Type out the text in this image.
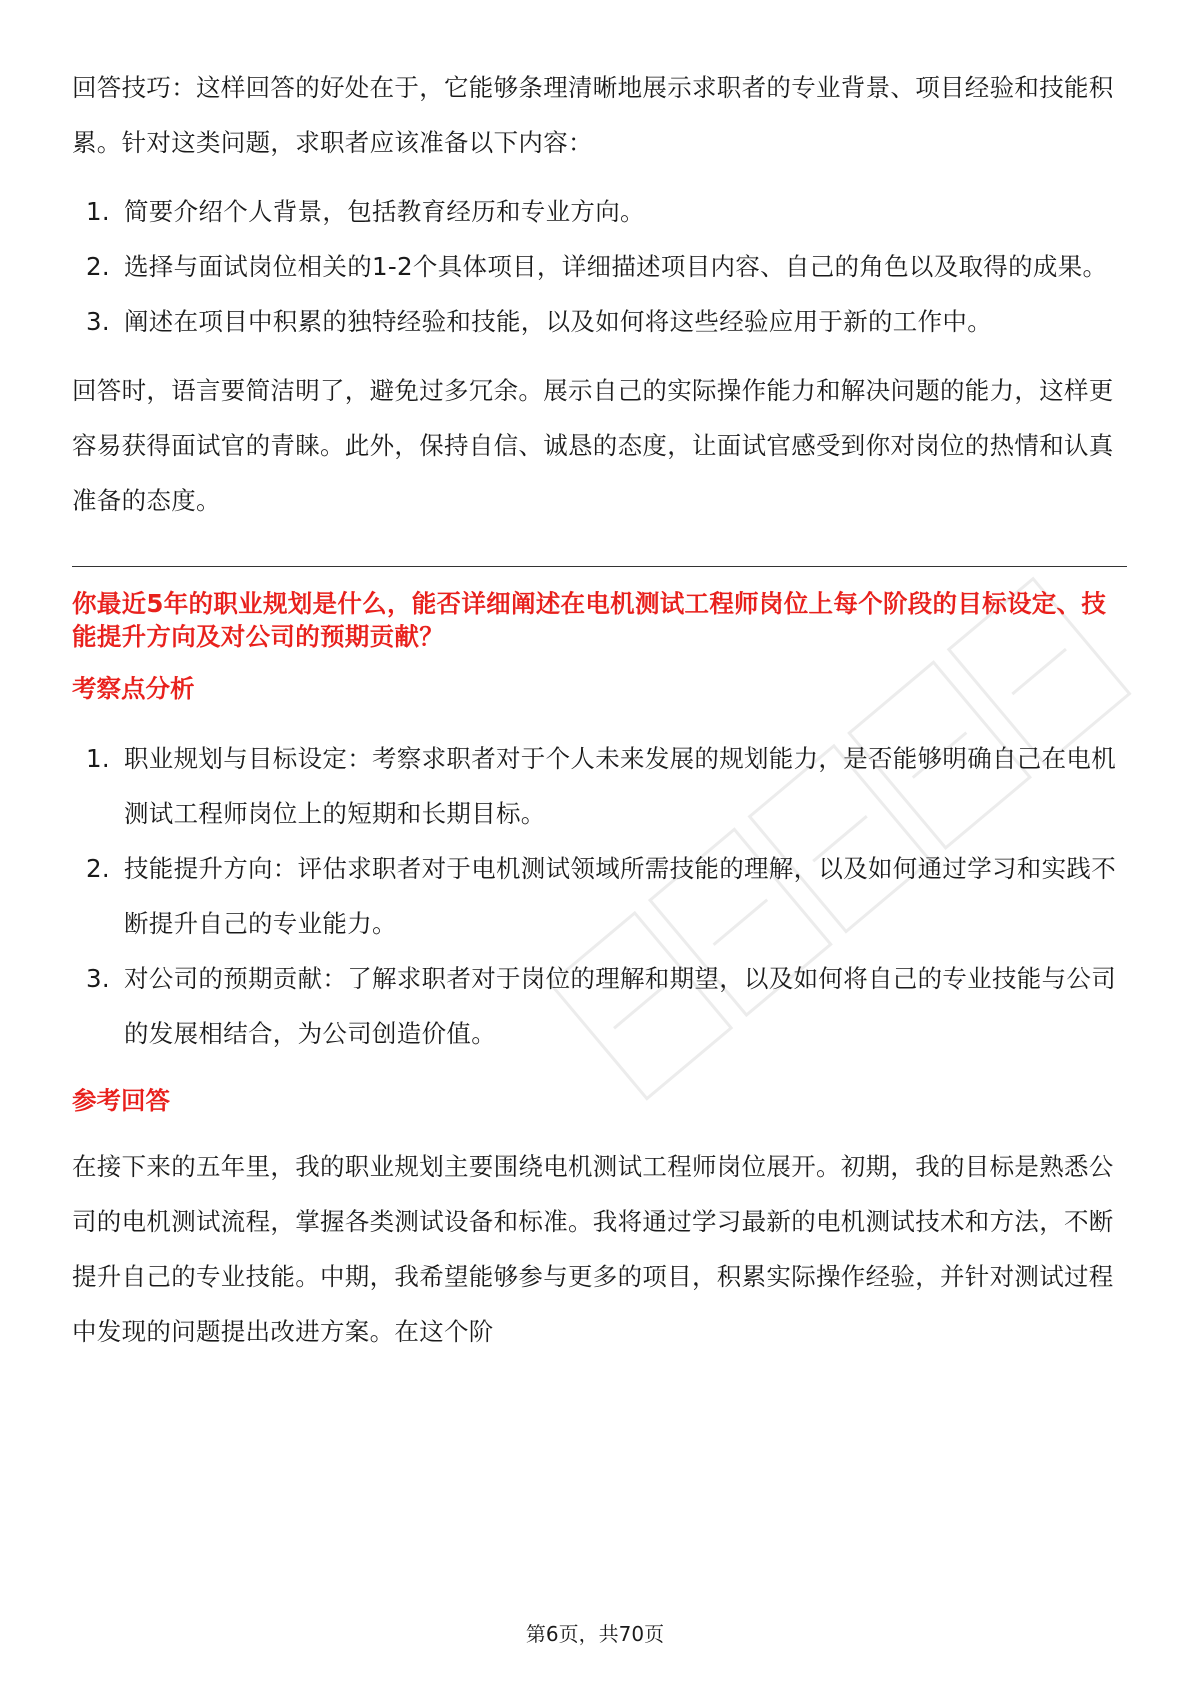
回答技巧：这样回答的好处在于，它能够条理清晰地展示求职者的专业背景、项目经验和技能积累。针对这类问题，求职者应该准备以下内容：

1. 简要介绍个人背景，包括教育经历和专业方向。
2. 选择与面试岗位相关的1-2个具体项目，详细描述项目内容、自己的角色以及取得的成果。
3. 阐述在项目中积累的独特经验和技能，以及如何将这些经验应用于新的工作中。

回答时，语言要简洁明了，避免过多冗余。展示自己的实际操作能力和解决问题的能力，这样更容易获得面试官的青睐。此外，保持自信、诚恳的态度，让面试官感受到你对岗位的热情和认真准备的态度。

你最近5年的职业规划是什么，能否详细阐述在电机测试工程师岗位上每个阶段的目标设定、技能提升方向及对公司的预期贡献？

考察点分析

1. 职业规划与目标设定：考察求职者对于个人未来发展的规划能力，是否能够明确自己在电机测试工程师岗位上的短期和长期目标。
2. 技能提升方向：评估求职者对于电机测试领域所需技能的理解，以及如何通过学习和实践不断提升自己的专业能力。
3. 对公司的预期贡献：了解求职者对于岗位的理解和期望，以及如何将自己的专业技能与公司的发展相结合，为公司创造价值。

参考回答

在接下来的五年里，我的职业规划主要围绕电机测试工程师岗位展开。初期，我的目标是熟悉公司的电机测试流程，掌握各类测试设备和标准。我将通过学习最新的电机测试技术和方法，不断提升自己的专业技能。中期，我希望能够参与更多的项目，积累实际操作经验，并针对测试过程中发现的问题提出改进方案。在这个阶

第6页，共70页
